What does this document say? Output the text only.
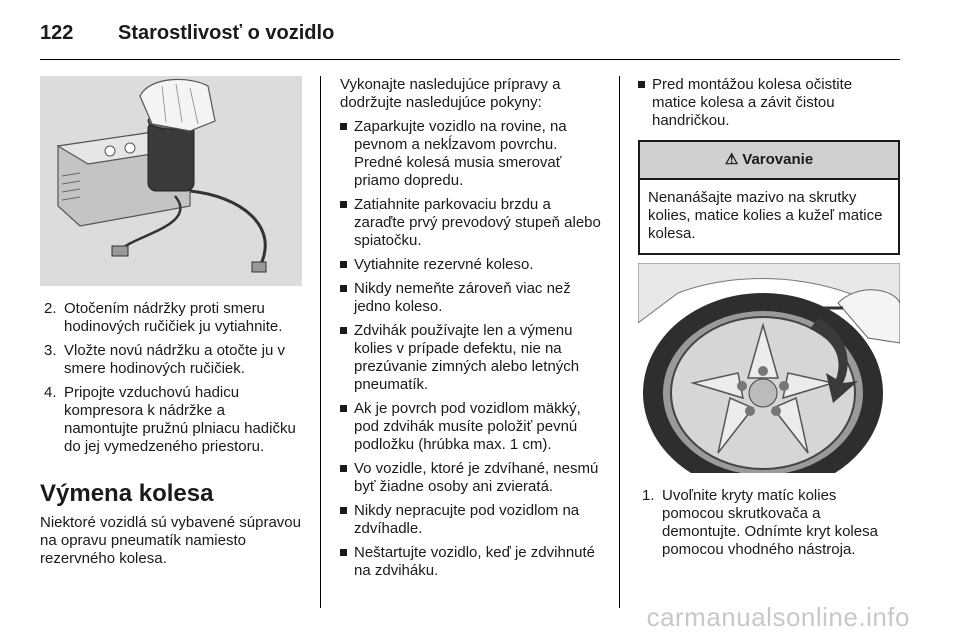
122	Starostlivosť o vozidlo
2. Otočením nádržky proti smeru hodinových ručičiek ju vytiahnite.
3. Vložte novú nádržku a otočte ju v smere hodinových ručičiek.
4. Pripojte vzduchovú hadicu kompresora k nádržke a namontujte pružnú plniacu hadičku do jej vymedzeného priestoru.
Výmena kolesa

Niektoré vozidlá sú vybavené súpravou na opravu pneumatík namiesto rezervného kolesa.

Vykonajte nasledujúce prípravy a dodržujte nasledujúce pokyny:

Zaparkujte vozidlo na rovine, na pevnom a nekĺzavom povrchu. Predné kolesá musia smerovať priamo dopredu.
Zatiahnite parkovaciu brzdu a zaraďte prvý prevodový stupeň alebo spiatočku.
Vytiahnite rezervné koleso.
Nikdy nemeňte zároveň viac než jedno koleso.
Zdvihák používajte len a výmenu kolies v prípade defektu, nie na prezúvanie zimných alebo letných pneumatík.
Ak je povrch pod vozidlom mäkký, pod zdvihák musíte položiť pevnú podložku (hrúbka max. 1 cm).
Vo vozidle, ktoré je zdvíhané, nesmú byť žiadne osoby ani zvieratá.
Nikdy nepracujte pod vozidlom na zdvíhadle.
Neštartujte vozidlo, keď je zdvihnuté na zdviháku.
Pred montážou kolesa očistite matice kolesa a závit čistou handričkou.
⚠ Varovanie
Nenanášajte mazivo na skrutky kolies, matice kolies a kužeľ matice kolesa.
1. Uvoľnite kryty matíc kolies pomocou skrutkovača a demontujte. Odnímte kryt kolesa pomocou vhodného nástroja.
carmanualsonline.info
